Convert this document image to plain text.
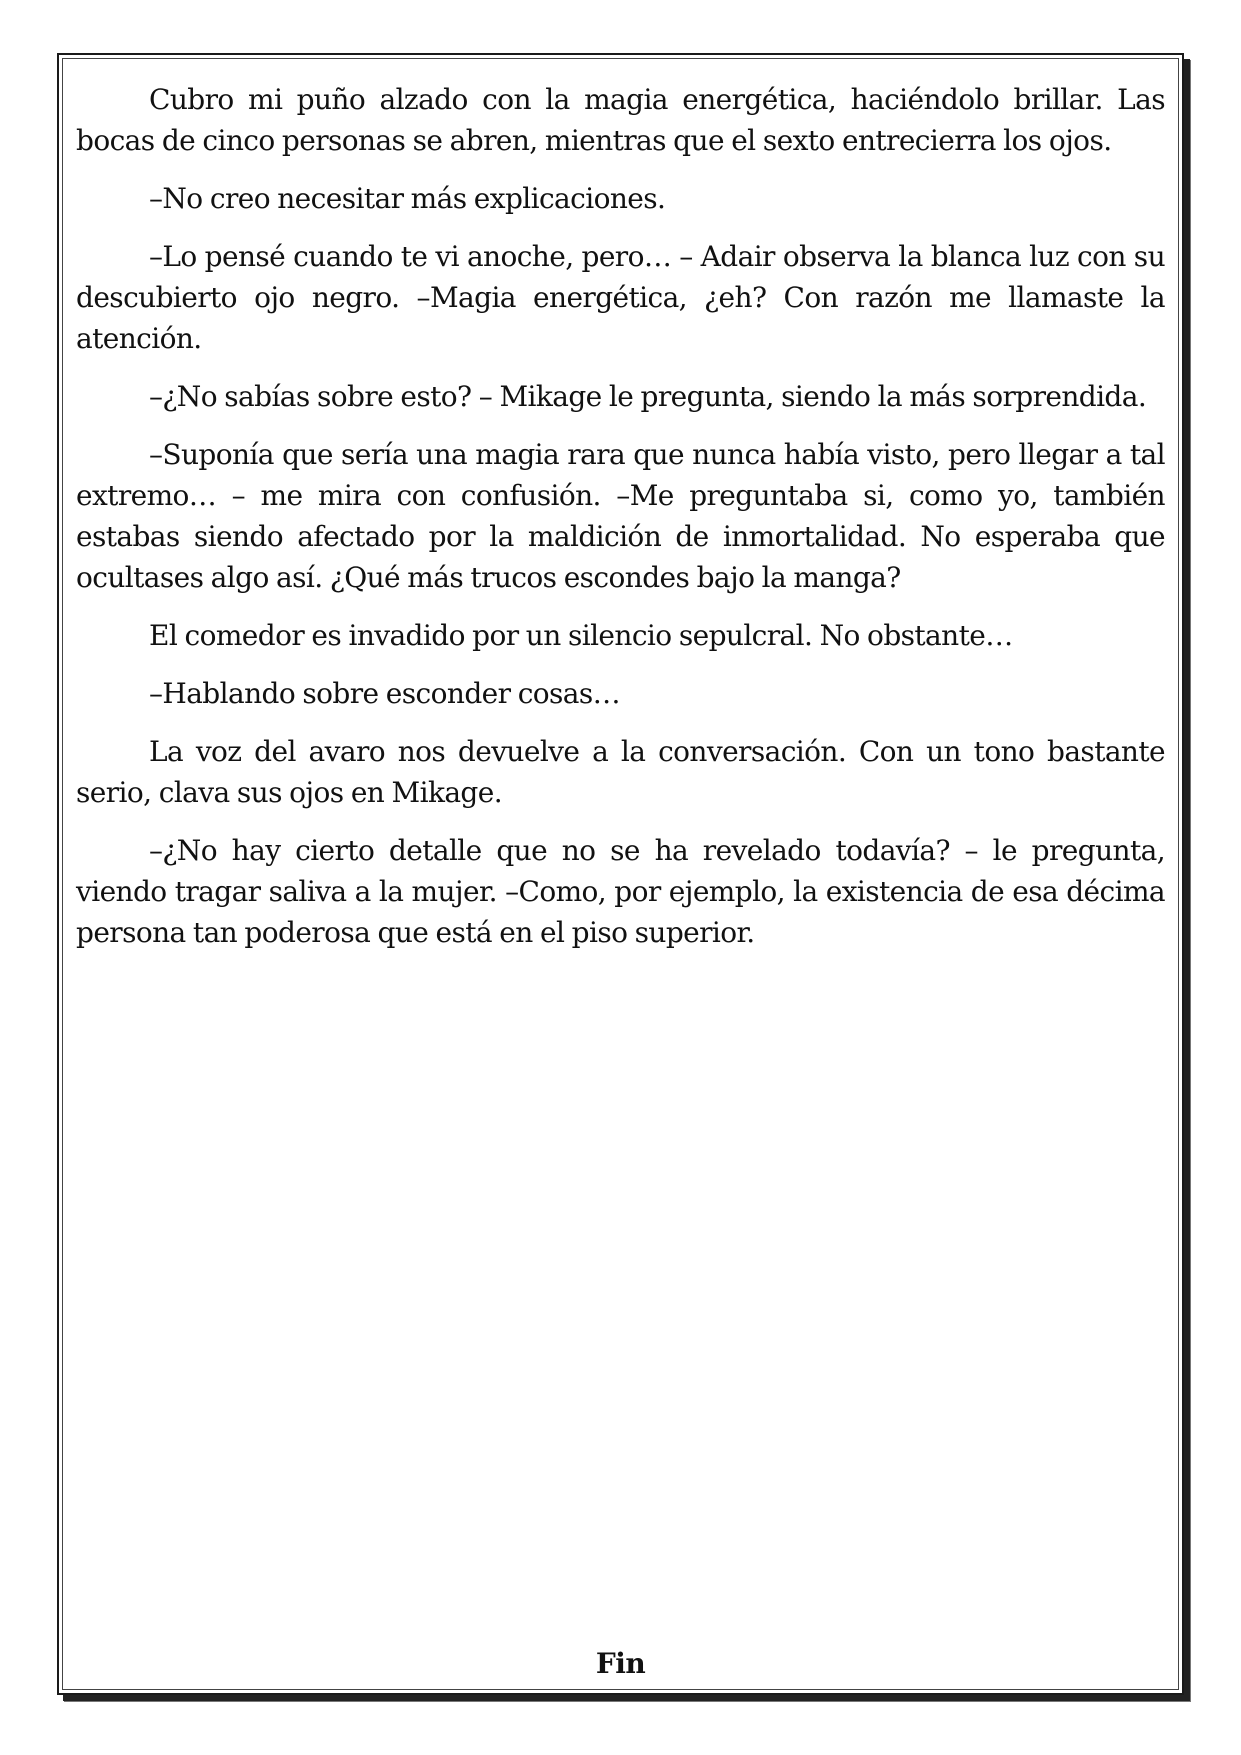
Cubro mi puño alzado con la magia energética, haciéndolo brillar. Las bocas de cinco personas se abren, mientras que el sexto entrecierra los ojos.

–No creo necesitar más explicaciones.

–Lo pensé cuando te vi anoche, pero… – Adair observa la blanca luz con su descubierto ojo negro. –Magia energética, ¿eh? Con razón me llamaste la atención.

–¿No sabías sobre esto? – Mikage le pregunta, siendo la más sorprendida.

–Suponía que sería una magia rara que nunca había visto, pero llegar a tal extremo… – me mira con confusión. –Me preguntaba si, como yo, también estabas siendo afectado por la maldición de inmortalidad. No esperaba que ocultases algo así. ¿Qué más trucos escondes bajo la manga?

El comedor es invadido por un silencio sepulcral. No obstante…

–Hablando sobre esconder cosas…

La voz del avaro nos devuelve a la conversación. Con un tono bastante serio, clava sus ojos en Mikage.

–¿No hay cierto detalle que no se ha revelado todavía? – le pregunta, viendo tragar saliva a la mujer. –Como, por ejemplo, la existencia de esa décima persona tan poderosa que está en el piso superior.

Fin
